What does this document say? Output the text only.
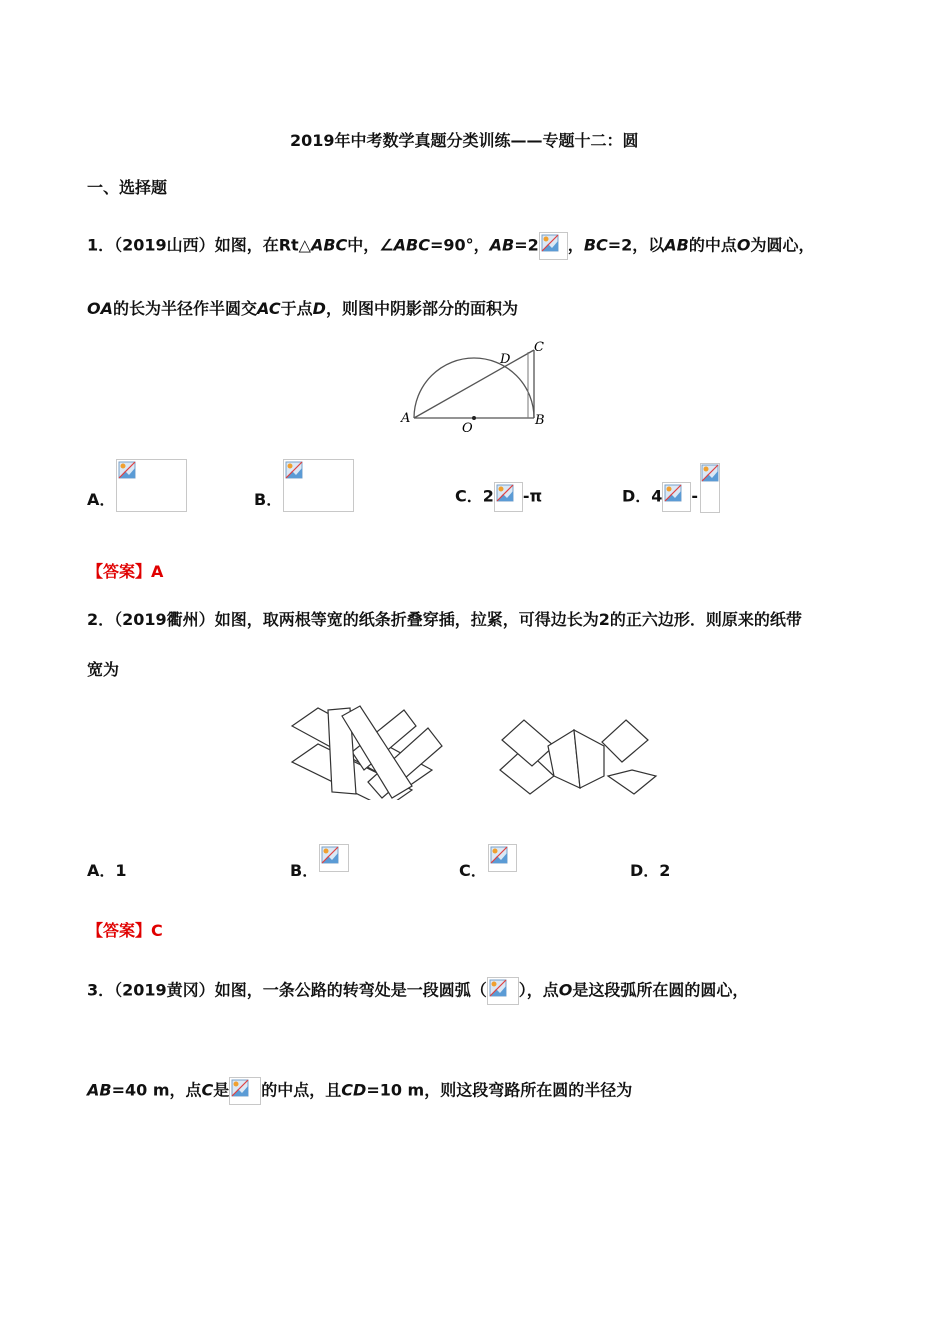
2019年中考数学真题分类训练——专题十二：圆
一、选择题
1．（2019山西）如图，在Rt△ABC中，∠ABC=90°，AB=2 ，BC=2，以AB的中点O为圆心，
OA的长为半径作半圆交AC于点D，则图中阴影部分的面积为
A
O
B
C
D
A．	B．	C．2 -π	D．4 -
【答案】A
2．（2019衢州）如图，取两根等宽的纸条折叠穿插，拉紧，可得边长为2的正六边形．则原来的纸带
宽为
A．1	B．	C．	D．2
【答案】C
3．（2019黄冈）如图，一条公路的转弯处是一段圆弧（ ），点O是这段弧所在圆的圆心，
AB=40 m，点C是 的中点，且CD=10 m，则这段弯路所在圆的半径为
